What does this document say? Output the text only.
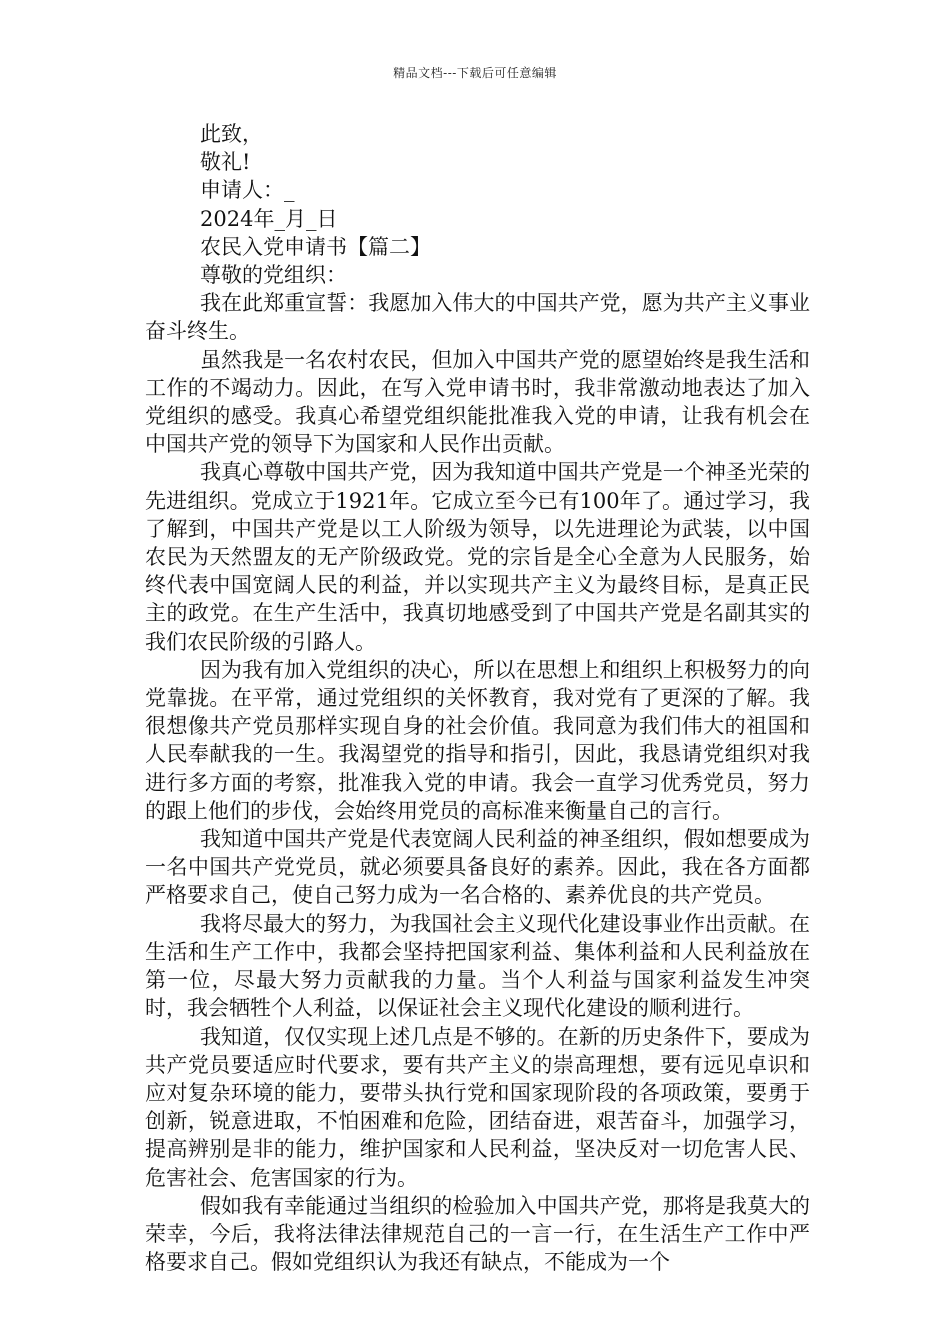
精品文档---下载后可任意编辑
此致，
敬礼!
申请人：_
2024年_月_日
农民入党申请书【篇二】
尊敬的党组织：

我在此郑重宣誓：我愿加入伟大的中国共产党，愿为共产主义事业奋斗终生。

虽然我是一名农村农民，但加入中国共产党的愿望始终是我生活和工作的不竭动力。因此，在写入党申请书时，我非常激动地表达了加入党组织的感受。我真心希望党组织能批准我入党的申请，让我有机会在中国共产党的领导下为国家和人民作出贡献。

我真心尊敬中国共产党，因为我知道中国共产党是一个神圣光荣的先进组织。党成立于1921年。它成立至今已有100年了。通过学习，我了解到，中国共产党是以工人阶级为领导，以先进理论为武装，以中国农民为天然盟友的无产阶级政党。党的宗旨是全心全意为人民服务，始终代表中国宽阔人民的利益，并以实现共产主义为最终目标，是真正民主的政党。在生产生活中，我真切地感受到了中国共产党是名副其实的我们农民阶级的引路人。

因为我有加入党组织的决心，所以在思想上和组织上积极努力的向党靠拢。在平常，通过党组织的关怀教育，我对党有了更深的了解。我很想像共产党员那样实现自身的社会价值。我同意为我们伟大的祖国和人民奉献我的一生。我渴望党的指导和指引，因此，我恳请党组织对我进行多方面的考察，批准我入党的申请。我会一直学习优秀党员，努力的跟上他们的步伐，会始终用党员的高标准来衡量自己的言行。

我知道中国共产党是代表宽阔人民利益的神圣组织，假如想要成为一名中国共产党党员，就必须要具备良好的素养。因此，我在各方面都严格要求自己，使自己努力成为一名合格的、素养优良的共产党员。

我将尽最大的努力，为我国社会主义现代化建设事业作出贡献。在生活和生产工作中，我都会坚持把国家利益、集体利益和人民利益放在第一位，尽最大努力贡献我的力量。当个人利益与国家利益发生冲突时，我会牺牲个人利益，以保证社会主义现代化建设的顺利进行。

我知道，仅仅实现上述几点是不够的。在新的历史条件下，要成为共产党员要适应时代要求，要有共产主义的崇高理想，要有远见卓识和应对复杂环境的能力，要带头执行党和国家现阶段的各项政策，要勇于创新，锐意进取，不怕困难和危险，团结奋进，艰苦奋斗，加强学习，提高辨别是非的能力，维护国家和人民利益，坚决反对一切危害人民、危害社会、危害国家的行为。

假如我有幸能通过当组织的检验加入中国共产党，那将是我莫大的荣幸，今后，我将法律法律规范自己的一言一行，在生活生产工作中严格要求自己。假如党组织认为我还有缺点，不能成为一个
